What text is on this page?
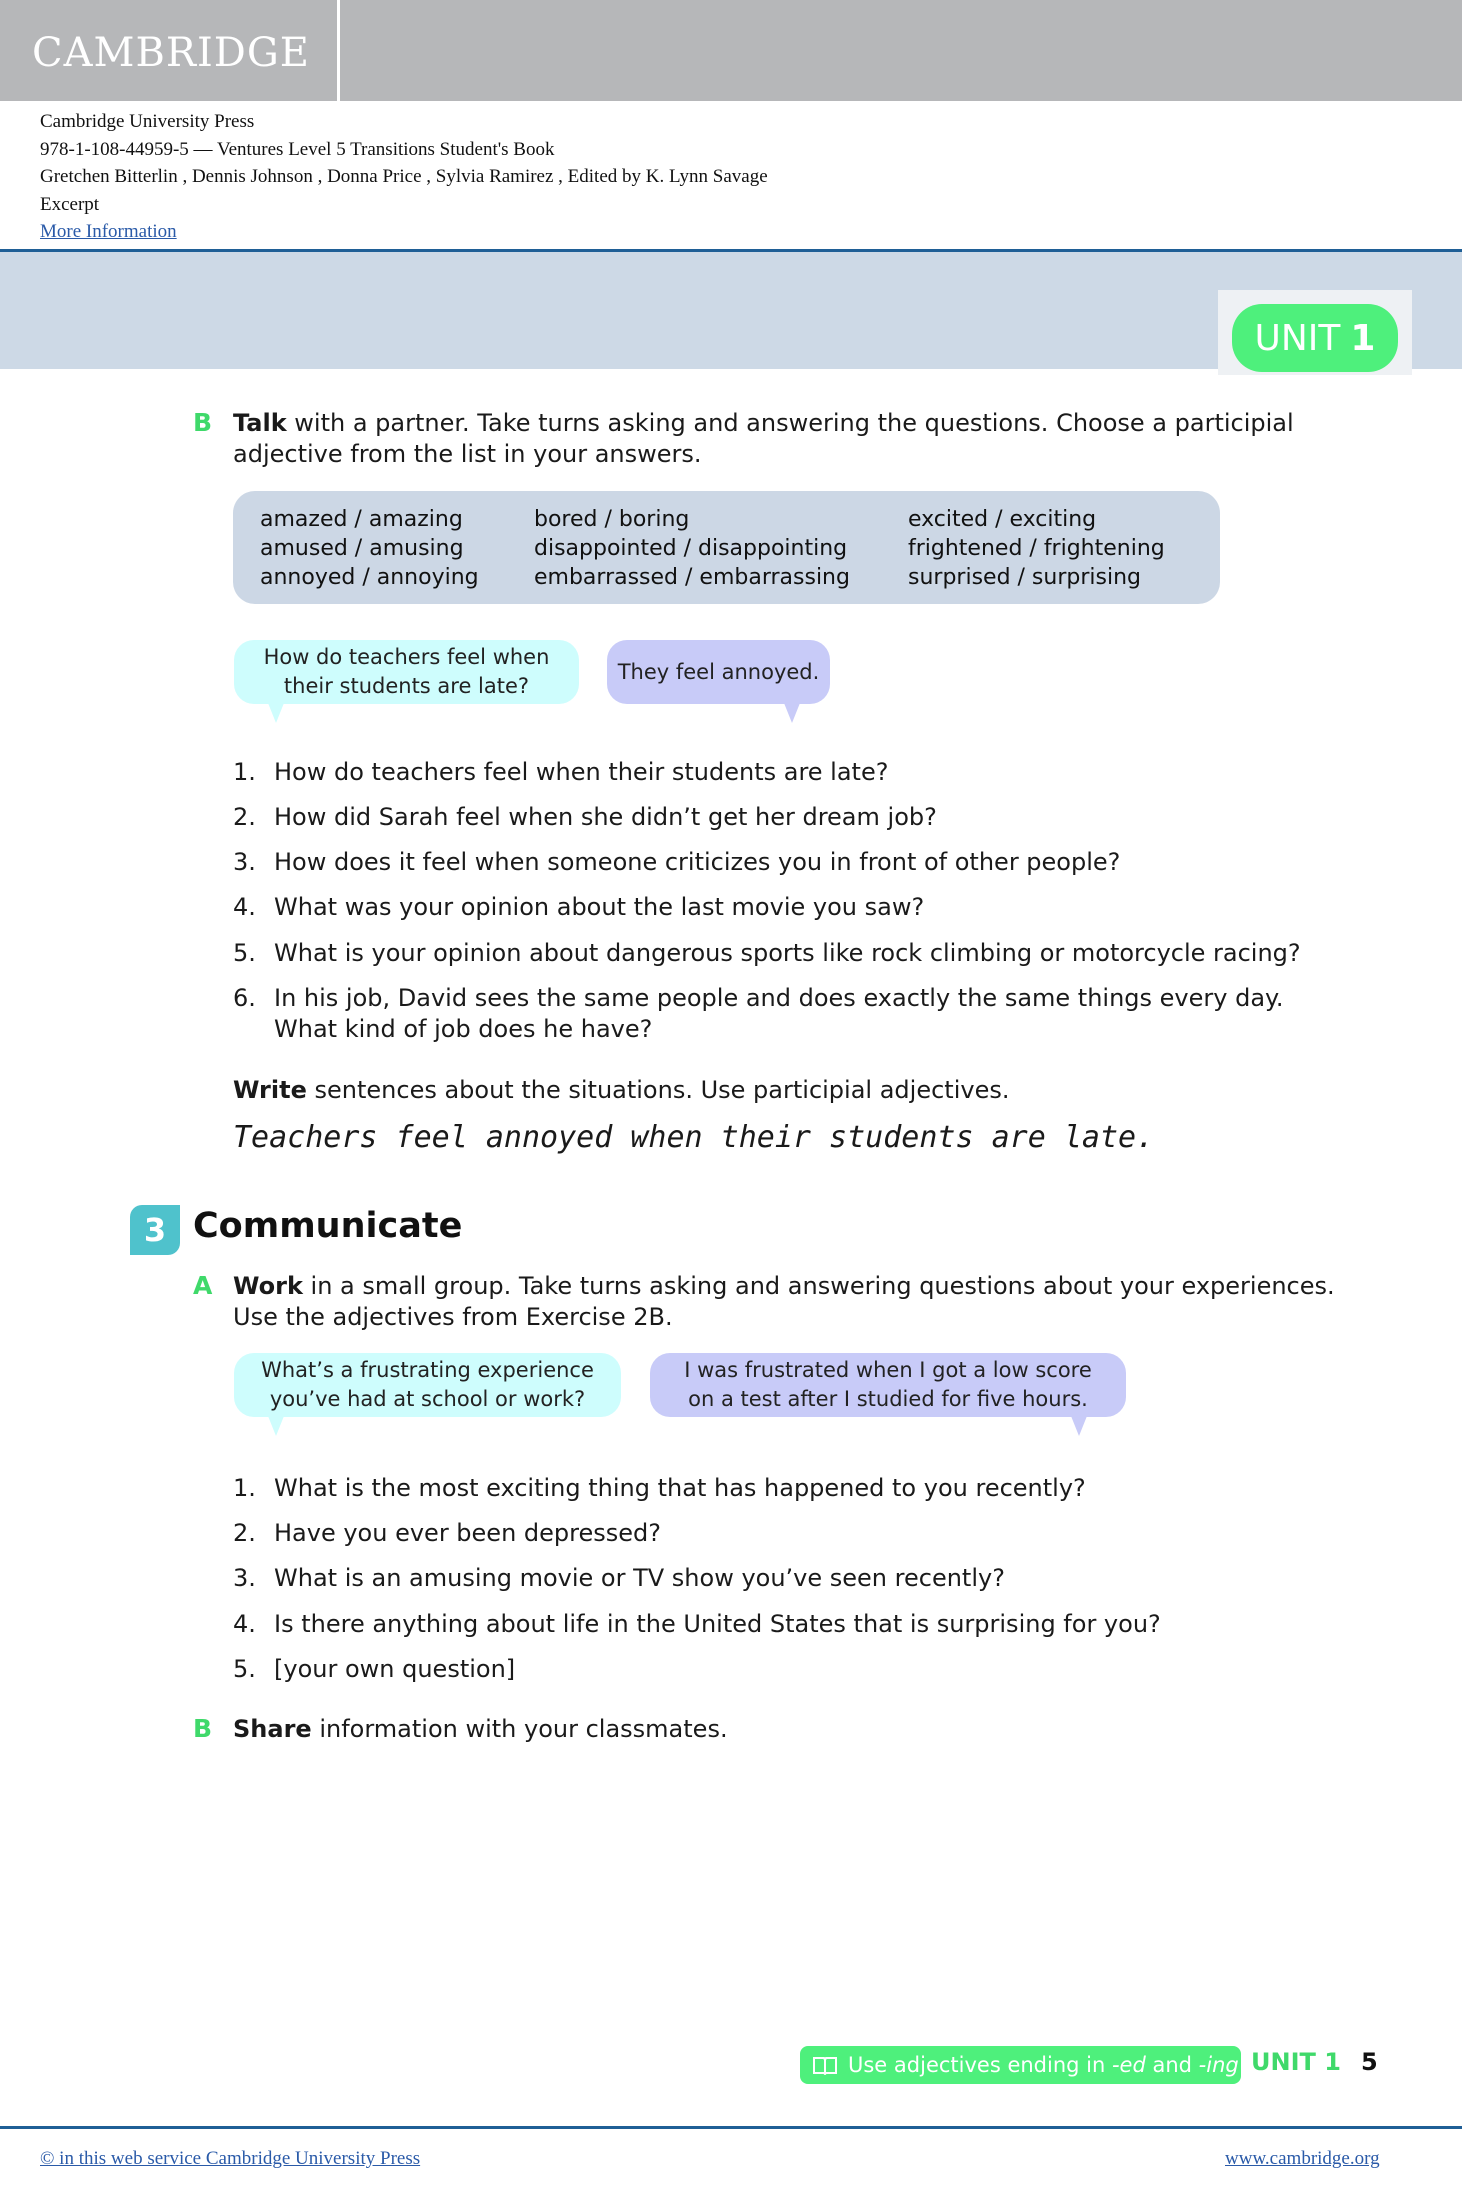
CAMBRIDGE
Cambridge University Press
978-1-108-44959-5 — Ventures Level 5 Transitions Student's Book
Gretchen Bitterlin , Dennis Johnson , Donna Price , Sylvia Ramirez , Edited by K. Lynn Savage
Excerpt
More Information
UNIT 1
B Talk with a partner. Take turns asking and answering the questions. Choose a participial
adjective from the list in your answers.
amazed / amazing
amused / amusing
annoyed / annoying
bored / boring
disappointed / disappointing
embarrassed / embarrassing
excited / exciting
frightened / frightening
surprised / surprising
How do teachers feel when
their students are late?
They feel annoyed.
1. How do teachers feel when their students are late?
2. How did Sarah feel when she didn’t get her dream job?
3. How does it feel when someone criticizes you in front of other people?
4. What was your opinion about the last movie you saw?
5. What is your opinion about dangerous sports like rock climbing or motorcycle racing?
6. In his job, David sees the same people and does exactly the same things every day.
What kind of job does he have?
Write sentences about the situations. Use participial adjectives.
Teachers feel annoyed when their students are late.
3 Communicate
A Work in a small group. Take turns asking and answering questions about your experiences.
Use the adjectives from Exercise 2B.
What’s a frustrating experience
you’ve had at school or work?
I was frustrated when I got a low score
on a test after I studied for five hours.
1. What is the most exciting thing that has happened to you recently?
2. Have you ever been depressed?
3. What is an amusing movie or TV show you’ve seen recently?
4. Is there anything about life in the United States that is surprising for you?
5. [your own question]
B Share information with your classmates.
Use adjectives ending in -ed and -ing UNIT 1 5
© in this web service Cambridge University Press	www.cambridge.org
